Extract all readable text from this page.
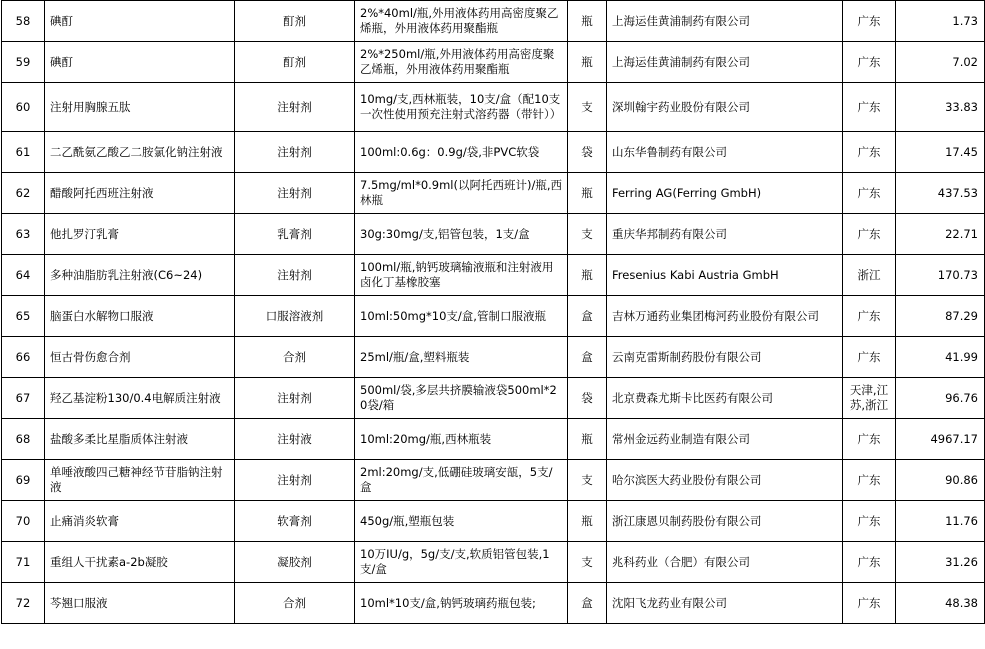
58	碘酊	酊剂	2%*40ml/瓶,外用液体药用高密度聚乙烯瓶，外用液体药用聚酯瓶	瓶	上海运佳黄浦制药有限公司	广东	1.73
59	碘酊	酊剂	2%*250ml/瓶,外用液体药用高密度聚乙烯瓶，外用液体药用聚酯瓶	瓶	上海运佳黄浦制药有限公司	广东	7.02
60	注射用胸腺五肽	注射剂	10mg/支,西林瓶装，10支/盒（配10支一次性使用预充注射式溶药器（带针））	支	深圳翰宇药业股份有限公司	广东	33.83
61	二乙酰氨乙酸乙二胺氯化钠注射液	注射剂	100ml:0.6g：0.9g/袋,非PVC软袋	袋	山东华鲁制药有限公司	广东	17.45
62	醋酸阿托西班注射液	注射剂	7.5mg/ml*0.9ml(以阿托西班计)/瓶,西林瓶	瓶	Ferring AG(Ferring GmbH)	广东	437.53
63	他扎罗汀乳膏	乳膏剂	30g:30mg/支,铝管包装，1支/盒	支	重庆华邦制药有限公司	广东	22.71
64	多种油脂肪乳注射液(C6~24)	注射剂	100ml/瓶,钠钙玻璃输液瓶和注射液用卤化丁基橡胶塞	瓶	Fresenius Kabi Austria GmbH	浙江	170.73
65	脑蛋白水解物口服液	口服溶液剂	10ml:50mg*10支/盒,管制口服液瓶	盒	吉林万通药业集团梅河药业股份有限公司	广东	87.29
66	恒古骨伤愈合剂	合剂	25ml/瓶/盒,塑料瓶装	盒	云南克雷斯制药股份有限公司	广东	41.99
67	羟乙基淀粉130/0.4电解质注射液	注射剂	500ml/袋,多层共挤膜输液袋500ml*20袋/箱	袋	北京费森尤斯卡比医药有限公司	天津,江苏,浙江	96.76
68	盐酸多柔比星脂质体注射液	注射液	10ml:20mg/瓶,西林瓶装	瓶	常州金远药业制造有限公司	广东	4967.17
69	单唾液酸四己糖神经节苷脂钠注射液	注射剂	2ml:20mg/支,低硼硅玻璃安瓿，5支/盒	支	哈尔滨医大药业股份有限公司	广东	90.86
70	止痛消炎软膏	软膏剂	450g/瓶,塑瓶包装	瓶	浙江康恩贝制药股份有限公司	广东	11.76
71	重组人干扰素a-2b凝胶	凝胶剂	10万IU/g，5g/支/支,软质铝管包装,1支/盒	支	兆科药业（合肥）有限公司	广东	31.26
72	芩翘口服液	合剂	10ml*10支/盒,钠钙玻璃药瓶包装;	盒	沈阳飞龙药业有限公司	广东	48.38
